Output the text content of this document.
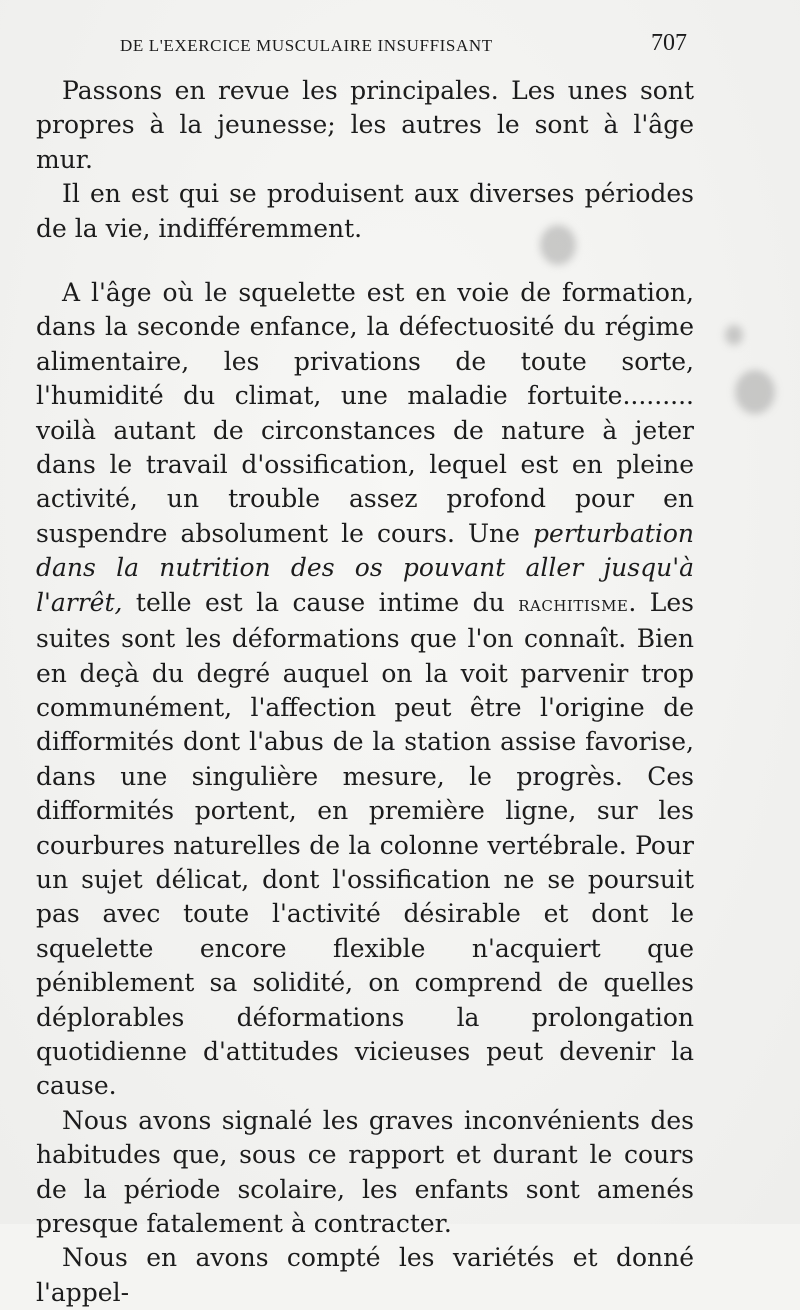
DE L'EXERCICE MUSCULAIRE INSUFFISANT	707

Passons en revue les principales. Les unes sont propres à la jeunesse; les autres le sont à l'âge mur.

Il en est qui se produisent aux diverses périodes de la vie, indifféremment.

A l'âge où le squelette est en voie de formation, dans la seconde enfance, la défectuosité du régime alimentaire, les privations de toute sorte, l'humidité du climat, une maladie fortuite......... voilà autant de circonstances de nature à jeter dans le travail d'ossification, lequel est en pleine activité, un trouble assez profond pour en suspendre absolument le cours. Une perturbation dans la nutrition des os pouvant aller jusqu'à l'arrêt, telle est la cause intime du rachitisme. Les suites sont les déformations que l'on connaît. Bien en deçà du degré auquel on la voit parvenir trop communément, l'affection peut être l'origine de difformités dont l'abus de la station assise favorise, dans une singulière mesure, le progrès. Ces difformités portent, en première ligne, sur les courbures naturelles de la colonne vertébrale. Pour un sujet délicat, dont l'ossification ne se poursuit pas avec toute l'activité désirable et dont le squelette encore flexible n'acquiert que péniblement sa solidité, on comprend de quelles déplorables déformations la prolongation quotidienne d'attitudes vicieuses peut devenir la cause.

Nous avons signalé les graves inconvénients des habitudes que, sous ce rapport et durant le cours de la période scolaire, les enfants sont amenés presque fatalement à contracter.

Nous en avons compté les variétés et donné l'appel-
